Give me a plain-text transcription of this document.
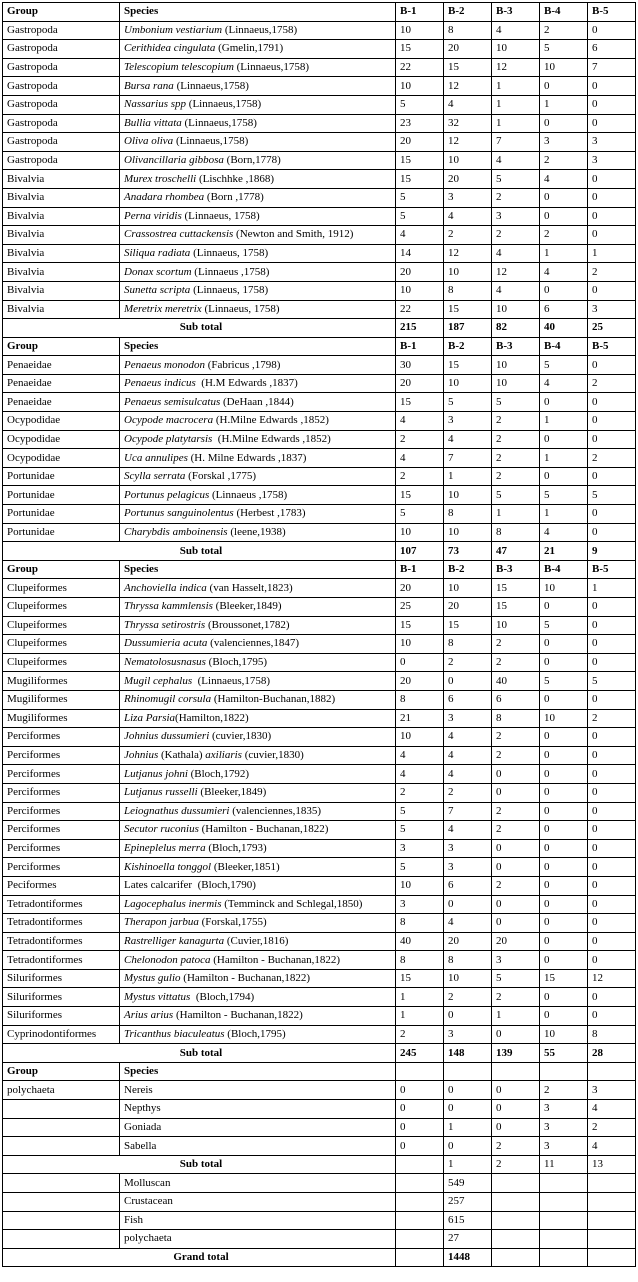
Group	Species	B-1	B-2	B-3	B-4	B-5
Gastropoda	Umbonium vestiarium (Linnaeus,1758)	10	8	4	2	0
Gastropoda	Cerithidea cingulata (Gmelin,1791)	15	20	10	5	6
Gastropoda	Telescopium telescopium (Linnaeus,1758)	22	15	12	10	7
Gastropoda	Bursa rana (Linnaeus,1758)	10	12	1	0	0
Gastropoda	Nassarius spp (Linnaeus,1758)	5	4	1	1	0
Gastropoda	Bullia vittata (Linnaeus,1758)	23	32	1	0	0
Gastropoda	Oliva oliva (Linnaeus,1758)	20	12	7	3	3
Gastropoda	Olivancillaria gibbosa (Born,1778)	15	10	4	2	3
Bivalvia	Murex troschelli (Lischhke ,1868)	15	20	5	4	0
Bivalvia	Anadara rhombea (Born ,1778)	5	3	2	0	0
Bivalvia	Perna viridis (Linnaeus, 1758)	5	4	3	0	0
Bivalvia	Crassostrea cuttackensis (Newton and Smith, 1912)	4	2	2	2	0
Bivalvia	Siliqua radiata (Linnaeus, 1758)	14	12	4	1	1
Bivalvia	Donax scortum (Linnaeus ,1758)	20	10	12	4	2
Bivalvia	Sunetta scripta (Linnaeus, 1758)	10	8	4	0	0
Bivalvia	Meretrix meretrix (Linnaeus, 1758)	22	15	10	6	3
Sub total		215	187	82	40	25
Group	Species	B-1	B-2	B-3	B-4	B-5
Penaeidae	Penaeus monodon (Fabricus ,1798)	30	15	10	5	0
Penaeidae	Penaeus indicus  (H.M Edwards ,1837)	20	10	10	4	2
Penaeidae	Penaeus semisulcatus (DeHaan ,1844)	15	5	5	0	0
Ocypodidae	Ocypode macrocera (H.Milne Edwards ,1852)	4	3	2	1	0
Ocypodidae	Ocypode platytarsis  (H.Milne Edwards ,1852)	2	4	2	0	0
Ocypodidae	Uca annulipes (H. Milne Edwards ,1837)	4	7	2	1	2
Portunidae	Scylla serrata (Forskal ,1775)	2	1	2	0	0
Portunidae	Portunus pelagicus (Linnaeus ,1758)	15	10	5	5	5
Portunidae	Portunus sanguinolentus (Herbest ,1783)	5	8	1	1	0
Portunidae	Charybdis amboinensis (leene,1938)	10	10	8	4	0
Sub total		107	73	47	21	9
Group	Species	B-1	B-2	B-3	B-4	B-5
Clupeiformes	Anchoviella indica (van Hasselt,1823)	20	10	15	10	1
Clupeiformes	Thryssa kammlensis (Bleeker,1849)	25	20	15	0	0
Clupeiformes	Thryssa setirostris (Broussonet,1782)	15	15	10	5	0
Clupeiformes	Dussumieria acuta (valenciennes,1847)	10	8	2	0	0
Clupeiformes	Nematolosusnasus (Bloch,1795)	0	2	2	0	0
Mugiliformes	Mugil cephalus  (Linnaeus,1758)	20	0	40	5	5
Mugiliformes	Rhinomugil corsula (Hamilton-Buchanan,1882)	8	6	6	0	0
Mugiliformes	Liza Parsia(Hamilton,1822)	21	3	8	10	2
Perciformes	Johnius dussumieri (cuvier,1830)	10	4	2	0	0
Perciformes	Johnius (Kathala) axiliaris (cuvier,1830)	4	4	2	0	0
Perciformes	Lutjanus johni (Bloch,1792)	4	4	0	0	0
Perciformes	Lutjanus russelli (Bleeker,1849)	2	2	0	0	0
Perciformes	Leiognathus dussumieri (valenciennes,1835)	5	7	2	0	0
Perciformes	Secutor ruconius (Hamilton - Buchanan,1822)	5	4	2	0	0
Perciformes	Epineplelus merra (Bloch,1793)	3	3	0	0	0
Perciformes	Kishinoella tonggol (Bleeker,1851)	5	3	0	0	0
Peciformes	Lates calcarifer  (Bloch,1790)	10	6	2	0	0
Tetradontiformes	Lagocephalus inermis (Temminck and Schlegal,1850)	3	0	0	0	0
Tetradontiformes	Therapon jarbua (Forskal,1755)	8	4	0	0	0
Tetradontiformes	Rastrelliger kanagurta (Cuvier,1816)	40	20	20	0	0
Tetradontiformes	Chelonodon patoca (Hamilton - Buchanan,1822)	8	8	3	0	0
Siluriformes	Mystus gulio (Hamilton - Buchanan,1822)	15	10	5	15	12
Siluriformes	Mystus vittatus  (Bloch,1794)	1	2	2	0	0
Siluriformes	Arius arius (Hamilton - Buchanan,1822)	1	0	1	0	0
Cyprinodontiformes	Tricanthus biaculeatus (Bloch,1795)	2	3	0	10	8
Sub total		245	148	139	55	28
Group	Species					
polychaeta	Nereis	0	0	0	2	3
	Nepthys	0	0	0	3	4
	Goniada	0	1	0	3	2
	Sabella	0	0	2	3	4
Sub total			1	2	11	13
	Molluscan		549			
	Crustacean		257			
	Fish		615			
	polychaeta		27			
Grand total			1448			
